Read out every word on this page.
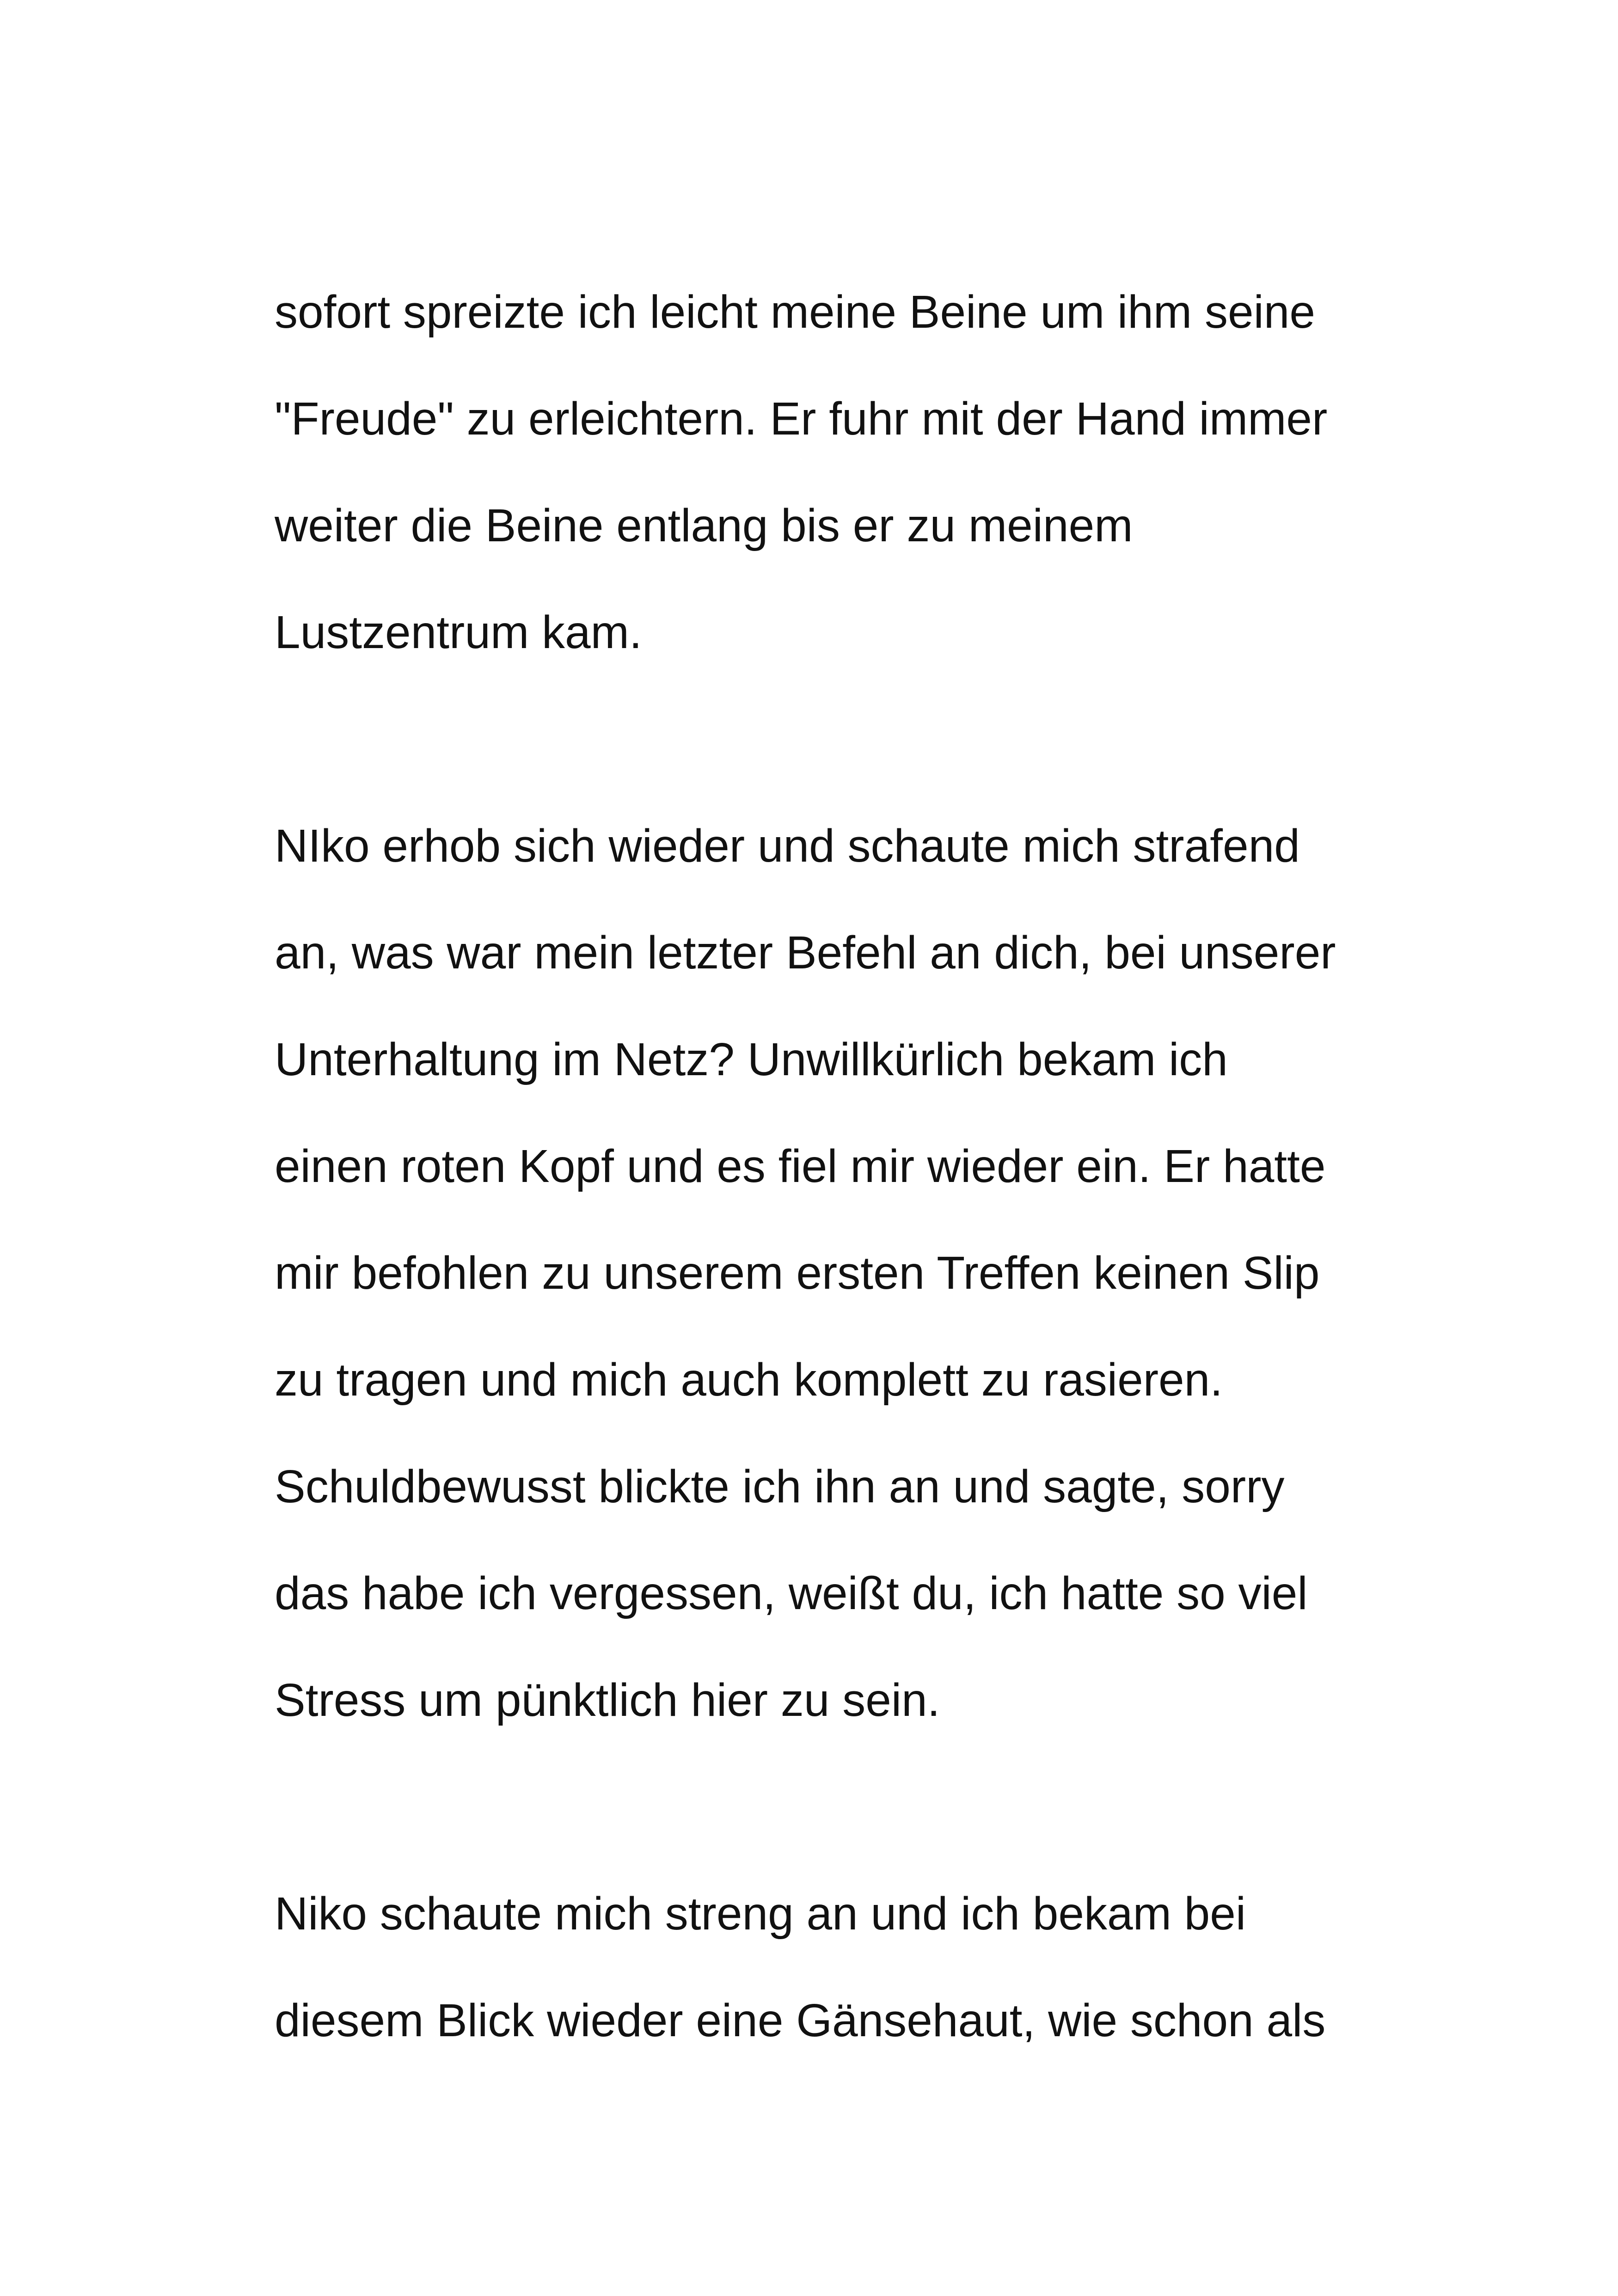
sofort spreizte ich leicht meine Beine um ihm seine
"Freude" zu erleichtern. Er fuhr mit der Hand immer
weiter die Beine entlang bis er zu meinem
Lustzentrum kam.

NIko erhob sich wieder und schaute mich strafend
an, was war mein letzter Befehl an dich, bei unserer
Unterhaltung im Netz? Unwillkürlich bekam ich
einen roten Kopf und es fiel mir wieder ein. Er hatte
mir befohlen zu unserem ersten Treffen keinen Slip
zu tragen und mich auch komplett zu rasieren.
Schuldbewusst blickte ich ihn an und sagte, sorry
das habe ich vergessen, weißt du, ich hatte so viel
Stress um pünktlich hier zu sein.

Niko schaute mich streng an und ich bekam bei
diesem Blick wieder eine Gänsehaut, wie schon als
